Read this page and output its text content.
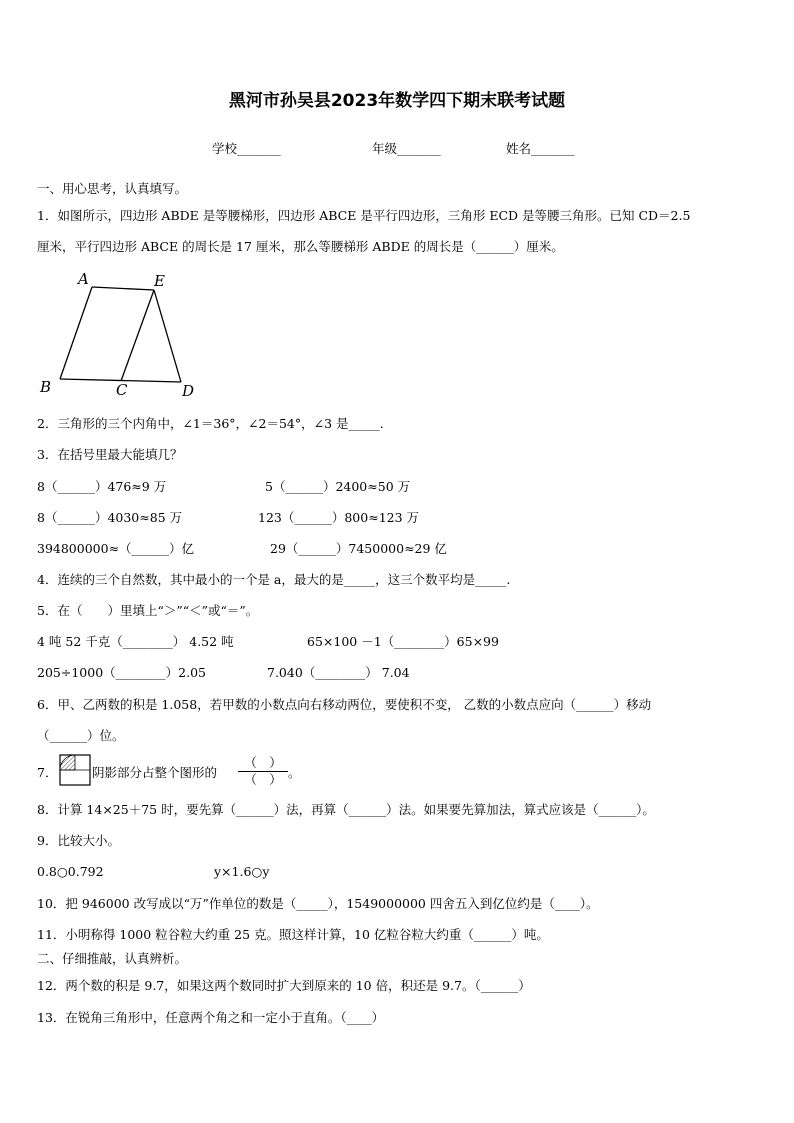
黑河市孙吴县2023年数学四下期末联考试题
学校_______	年级_______	姓名_______
一、用心思考，认真填写。
1．如图所示，四边形 ABDE 是等腰梯形，四边形 ABCE 是平行四边形，三角形 ECD 是等腰三角形。已知 CD＝2.5
厘米，平行四边形 ABCE 的周长是 17 厘米，那么等腰梯形 ABDE 的周长是（______）厘米。
A	E
B	C	D
2．三角形的三个内角中，∠1＝36°，∠2＝54°，∠3 是_____.
3．在括号里最大能填几？
8（______）476≈9 万	5（______）2400≈50 万
8（______）4030≈85 万	123（______）800≈123 万
394800000≈（______）亿	29（______）7450000≈29 亿
4．连续的三个自然数，其中最小的一个是 a，最大的是_____，这三个数平均是_____.
5．在（　　）里填上“＞”“＜”或“＝”。
4 吨 52 千克（________） 4.52 吨	65×100 －1（________）65×99
205÷1000（________）2.05	7.040（________） 7.04
6．甲、乙两数的积是 1.058，若甲数的小数点向右移动两位，要使积不变， 乙数的小数点应向（______）移动
（______）位。
7．	阴影部分占整个图形的
（　）
（　） 。
8．计算 14×25＋75 时，要先算（______）法，再算（______）法。如果要先算加法，算式应该是（______）。
9．比较大小。
0.8○0.792	y×1.6○y
10．把 946000 改写成以“万”作单位的数是（_____），1549000000 四舍五入到亿位约是（____）。
11．小明称得 1000 粒谷粒大约重 25 克。照这样计算，10 亿粒谷粒大约重（______）吨。
二、仔细推敲，认真辨析。
12．两个数的积是 9.7，如果这两个数同时扩大到原来的 10 倍，积还是 9.7。（______）
13．在锐角三角形中，任意两个角之和一定小于直角。（____）
